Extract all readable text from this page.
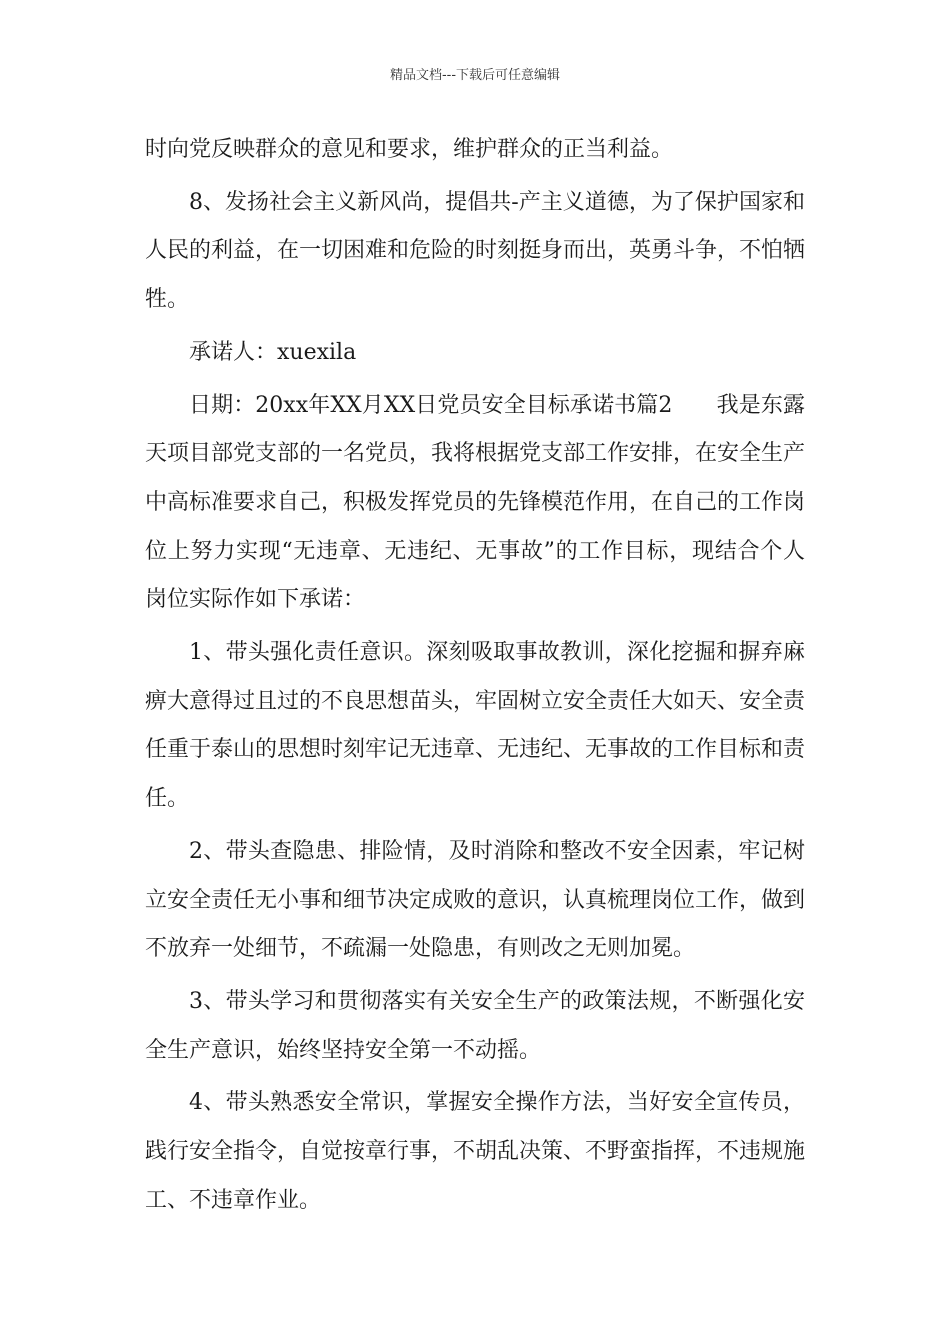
精品文档---下载后可任意编辑

时向党反映群众的意见和要求，维护群众的正当利益。

8、发扬社会主义新风尚，提倡共-产主义道德，为了保护国家和人民的利益，在一切困难和危险的时刻挺身而出，英勇斗争，不怕牺牲。

承诺人：xuexila

日期：20xx年XX月XX日党员安全目标承诺书篇2　　我是东露天项目部党支部的一名党员，我将根据党支部工作安排，在安全生产中高标准要求自己，积极发挥党员的先锋模范作用，在自己的工作岗位上努力实现“无违章、无违纪、无事故”的工作目标，现结合个人岗位实际作如下承诺：

1、带头强化责任意识。深刻吸取事故教训，深化挖掘和摒弃麻痹大意得过且过的不良思想苗头，牢固树立安全责任大如天、安全责任重于泰山的思想时刻牢记无违章、无违纪、无事故的工作目标和责任。

2、带头查隐患、排险情，及时消除和整改不安全因素，牢记树立安全责任无小事和细节决定成败的意识，认真梳理岗位工作，做到不放弃一处细节，不疏漏一处隐患，有则改之无则加冕。

3、带头学习和贯彻落实有关安全生产的政策法规，不断强化安全生产意识，始终坚持安全第一不动摇。

4、带头熟悉安全常识，掌握安全操作方法，当好安全宣传员，践行安全指令，自觉按章行事，不胡乱决策、不野蛮指挥，不违规施工、不违章作业。
